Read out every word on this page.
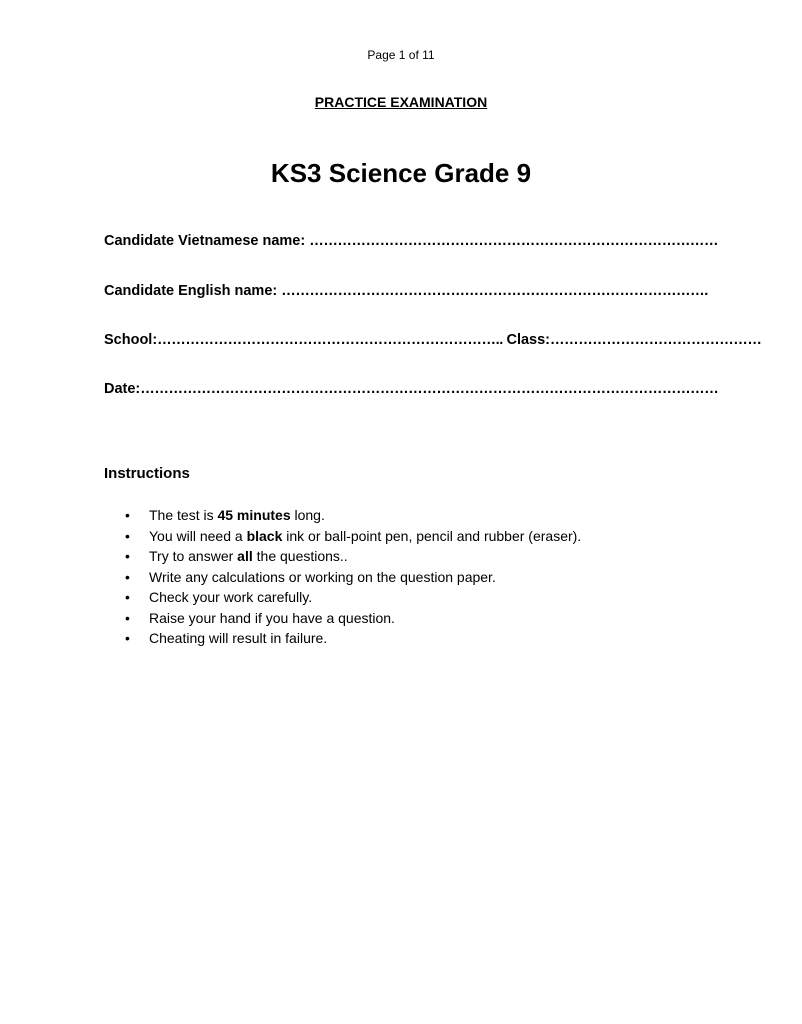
Page 1 of 11
PRACTICE EXAMINATION
KS3 Science Grade 9
Candidate Vietnamese name: ……………………………………………………………………………
Candidate English name: ……………………………………………………………………………….
School:……………………………………………………………….. Class:………………………………………
Date:……………………………………………………………………………………………………………
Instructions
• The test is 45 minutes long.
• You will need a black ink or ball-point pen, pencil and rubber (eraser).
• Try to answer all the questions..
• Write any calculations or working on the question paper.
• Check your work carefully.
• Raise your hand if you have a question.
• Cheating will result in failure.
